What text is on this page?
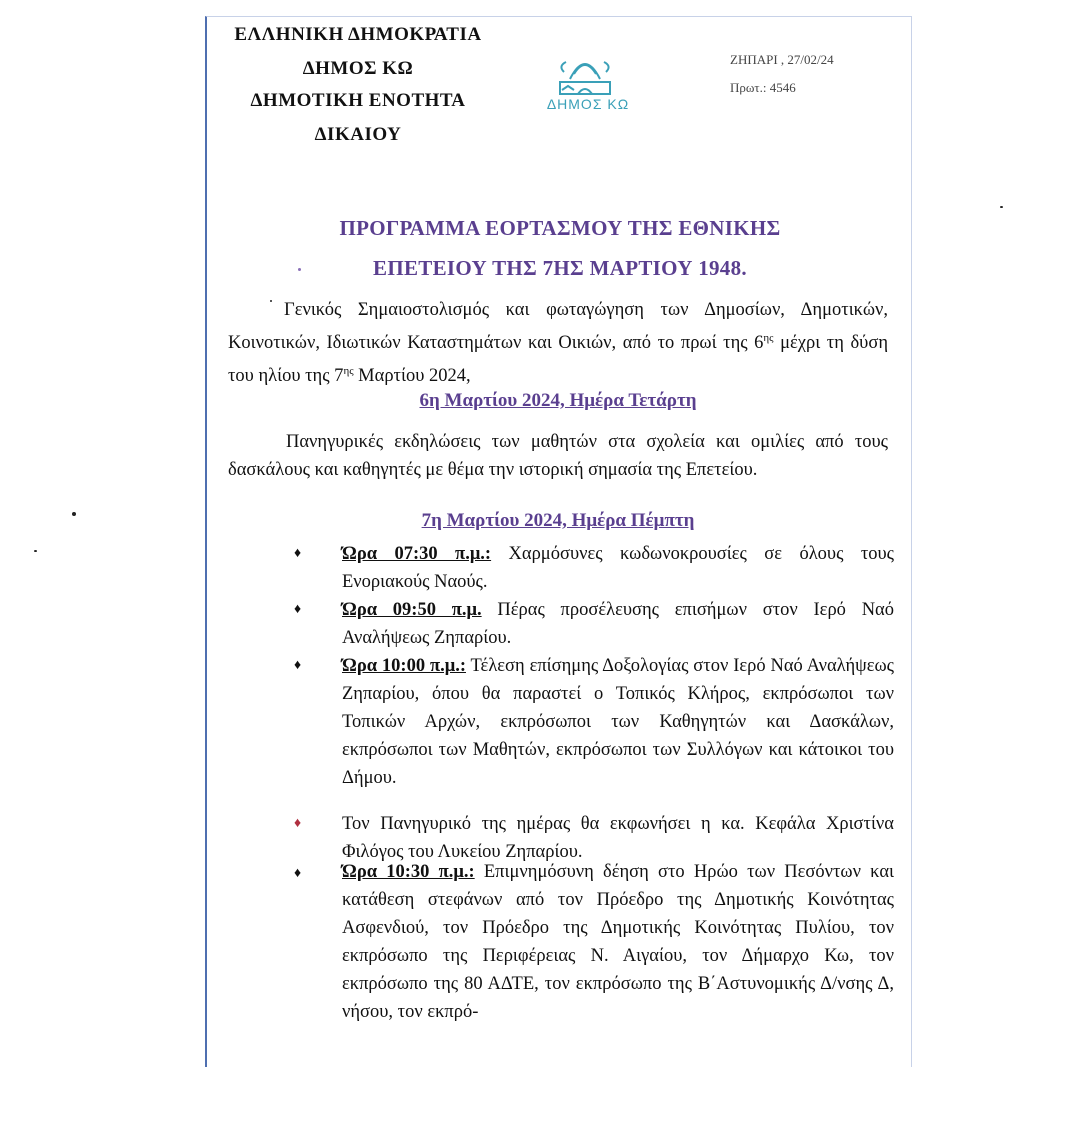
ΕΛΛΗΝΙΚΗ ΔΗΜΟΚΡΑΤΙΑ
ΔΗΜΟΣ ΚΩ
ΔΗΜΟΤΙΚΗ ΕΝΟΤΗΤΑ
ΔΙΚΑΙΟΥ
ΔΗΜΟΣ ΚΩ
ΖΗΠΑΡΙ , 27/02/24
Πρωτ.: 4546
ΠΡΟΓΡΑΜΜΑ ΕΟΡΤΑΣΜΟΥ ΤΗΣ ΕΘΝΙΚΗΣ
ΕΠΕΤΕΙΟΥ ΤΗΣ 7ΗΣ ΜΑΡΤΙΟΥ 1948.
Γενικός Σημαιοστολισμός και φωταγώγηση των Δημοσίων, Δημοτικών, Κοινοτικών, Ιδιωτικών Καταστημάτων και Οικιών, από το πρωί της $6^{\eta\varsigma}$ μέχρι τη δύση του ηλίου της $7^{\eta\varsigma}$ Μαρτίου 2024,
6η Μαρτίου 2024, Ημέρα Τετάρτη
Πανηγυρικές εκδηλώσεις των μαθητών στα σχολεία και ομιλίες από τους δασκάλους και καθηγητές με θέμα την ιστορική σημασία της Επετείου.
7η Μαρτίου 2024, Ημέρα Πέμπτη
♦ Ώρα 07:30 π.μ.: Χαρμόσυνες κωδωνοκρουσίες σε όλους τους Ενοριακούς Ναούς.
♦ Ώρα 09:50 π.μ. Πέρας προσέλευσης επισήμων στον Ιερό Ναό Αναλήψεως Ζηπαρίου.
♦ Ώρα 10:00 π.μ.: Τέλεση επίσημης Δοξολογίας στον Ιερό Ναό Αναλήψεως Ζηπαρίου, όπου θα παραστεί ο Τοπικός Κλήρος, εκπρόσωποι των Τοπικών Αρχών, εκπρόσωποι των Καθηγητών και Δασκάλων, εκπρόσωποι των Μαθητών, εκπρόσωποι των Συλλόγων και κάτοικοι του Δήμου.
♦ Τον Πανηγυρικό της ημέρας θα εκφωνήσει η κα. Κεφάλα Χριστίνα Φιλόγος του Λυκείου Ζηπαρίου.
♦ Ώρα 10:30 π.μ.: Επιμνημόσυνη δέηση στο Ηρώο των Πεσόντων και κατάθεση στεφάνων από τον Πρόεδρο της Δημοτικής Κοινότητας Ασφενδιού, τον Πρόεδρο της Δημοτικής Κοινότητας Πυλίου, τον εκπρόσωπο της Περιφέρειας Ν. Αιγαίου, τον Δήμαρχο Κω, τον εκπρόσωπο της 80 ΑΔΤΕ, τον εκπρόσωπο της Β΄Αστυνομικής Δ/νσης Δ, νήσου, τον εκπρό-
